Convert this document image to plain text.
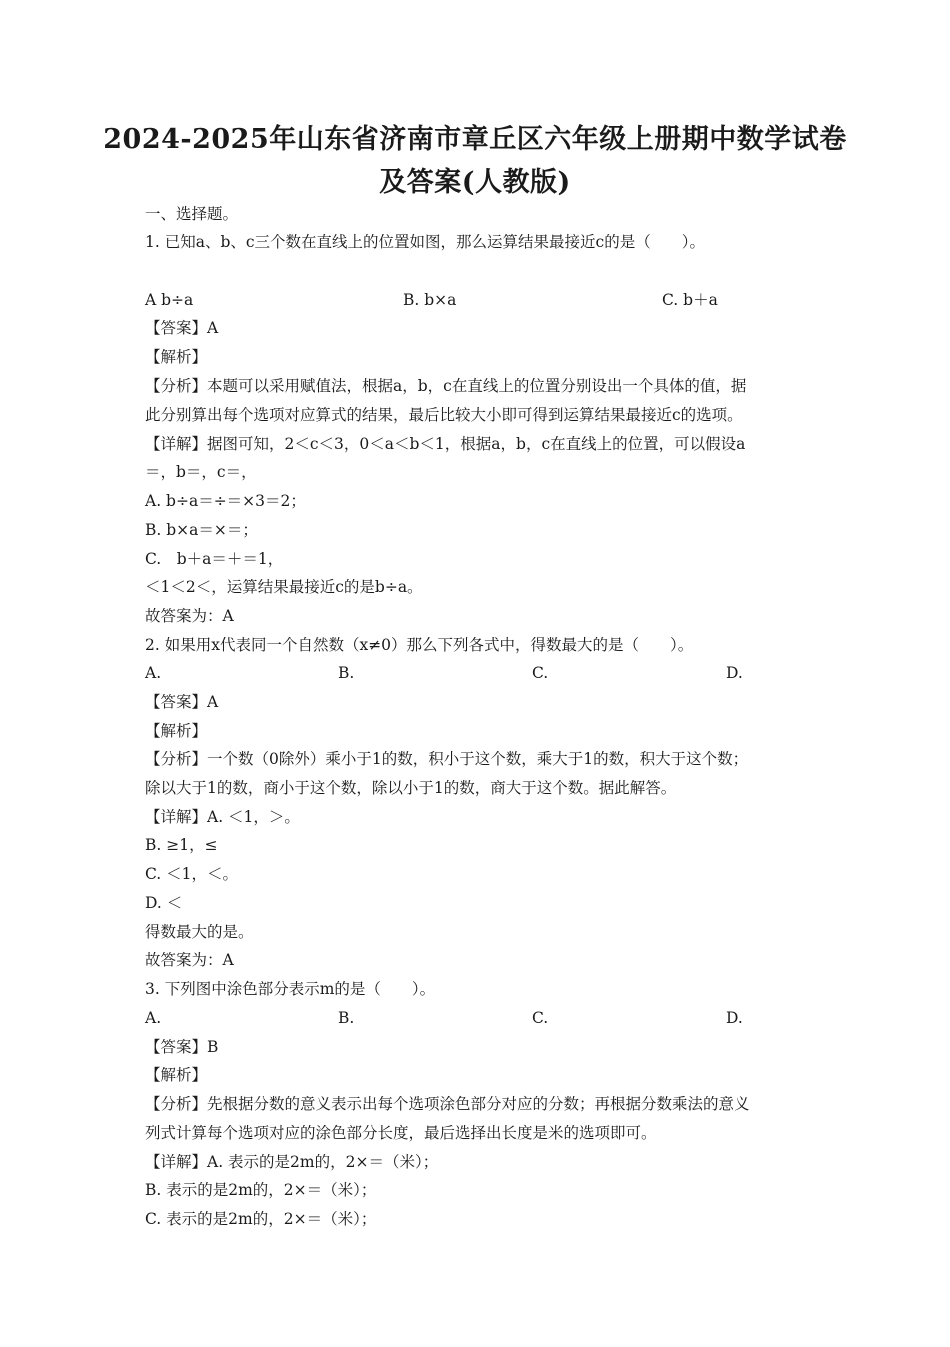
2024-2025年山东省济南市章丘区六年级上册期中数学试卷
及答案(人教版)
一、选择题。
1. 已知a、b、c三个数在直线上的位置如图，那么运算结果最接近c的是（　　）。
A b÷a	B. b×a	C. b＋a
【答案】A
【解析】
【分析】本题可以采用赋值法，根据a，b，c在直线上的位置分别设出一个具体的值，据
此分别算出每个选项对应算式的结果，最后比较大小即可得到运算结果最接近c的选项。
【详解】据图可知，2＜c＜3，0＜a＜b＜1，根据a，b，c在直线上的位置，可以假设a
＝，b＝，c＝，
A. b÷a＝÷＝×3＝2；
B. b×a＝×＝；
C.　b＋a＝＋＝1，
＜1＜2＜，运算结果最接近c的是b÷a。
故答案为：A
2. 如果用x代表同一个自然数（x≠0）那么下列各式中，得数最大的是（　　）。
A.	B.	C.	D.
【答案】A
【解析】
【分析】一个数（0除外）乘小于1的数，积小于这个数，乘大于1的数，积大于这个数；
除以大于1的数，商小于这个数，除以小于1的数，商大于这个数。据此解答。
【详解】A. ＜1，＞。
B. ≥1，≤
C. ＜1，＜。
D. ＜
得数最大的是。
故答案为：A
3. 下列图中涂色部分表示m的是（　　）。
A.	B.	C.	D.
【答案】B
【解析】
【分析】先根据分数的意义表示出每个选项涂色部分对应的分数；再根据分数乘法的意义
列式计算每个选项对应的涂色部分长度，最后选择出长度是米的选项即可。
【详解】A. 表示的是2m的，2×＝（米）；
B. 表示的是2m的，2×＝（米）；
C. 表示的是2m的，2×＝（米）；
